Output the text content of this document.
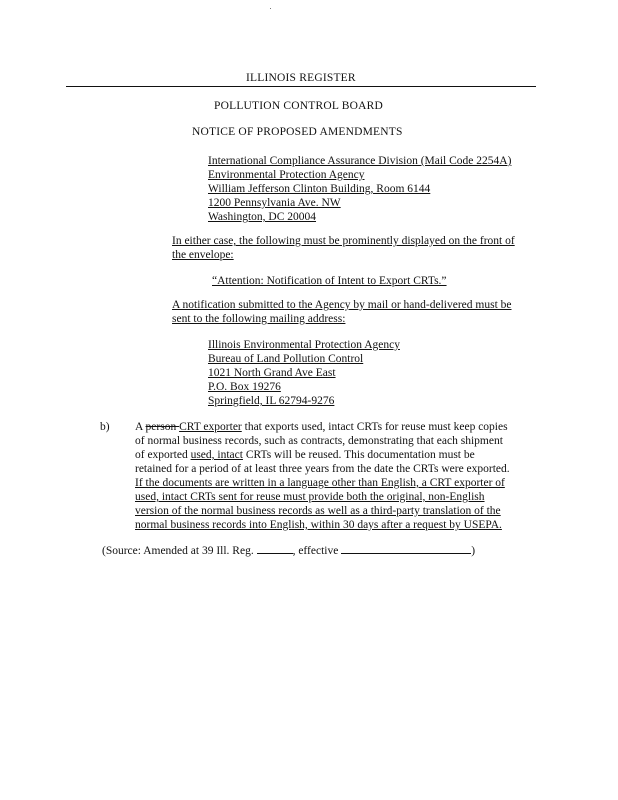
ILLINOIS REGISTER
POLLUTION CONTROL BOARD
NOTICE OF PROPOSED AMENDMENTS
International Compliance Assurance Division (Mail Code 2254A)
Environmental Protection Agency
William Jefferson Clinton Building, Room 6144
1200 Pennsylvania Ave. NW
Washington, DC 20004
In either case, the following must be prominently displayed on the front of
the envelope:
“Attention: Notification of Intent to Export CRTs.”
A notification submitted to the Agency by mail or hand-delivered must be
sent to the following mailing address:
Illinois Environmental Protection Agency
Bureau of Land Pollution Control
1021 North Grand Ave East
P.O. Box 19276
Springfield, IL 62794-9276
b) A person CRT exporter that exports used, intact CRTs for reuse must keep copies
of normal business records, such as contracts, demonstrating that each shipment
of exported used, intact CRTs will be reused. This documentation must be
retained for a period of at least three years from the date the CRTs were exported.
If the documents are written in a language other than English, a CRT exporter of
used, intact CRTs sent for reuse must provide both the original, non-English
version of the normal business records as well as a third-party translation of the
normal business records into English, within 30 days after a request by USEPA.
(Source: Amended at 39 Ill. Reg.	, effective	)
